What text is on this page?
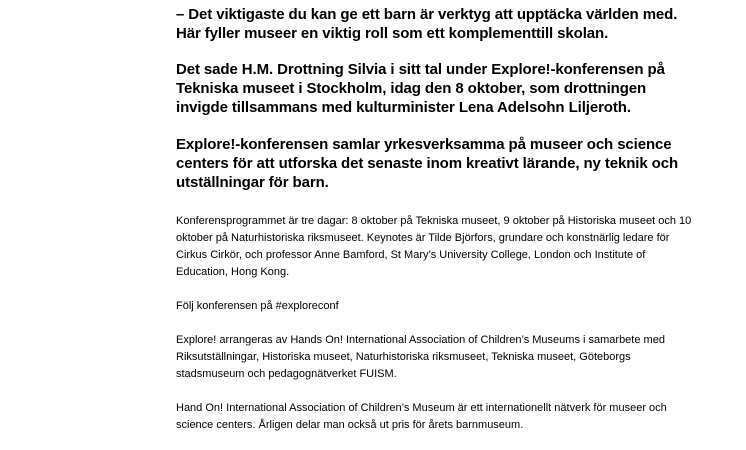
– Det viktigaste du kan ge ett barn är verktyg att upptäcka världen med. Här fyller museer en viktig roll som ett komplementtill skolan.

Det sade H.M. Drottning Silvia i sitt tal under Explore!-konferensen på Tekniska museet i Stockholm, idag den 8 oktober, som drottningen invigde tillsammans med kulturminister Lena Adelsohn Liljeroth.

Explore!-konferensen samlar yrkesverksamma på museer och science centers för att utforska det senaste inom kreativt lärande, ny teknik och utställningar för barn.

Konferensprogrammet är tre dagar: 8 oktober på Tekniska museet, 9 oktober på Historiska museet och 10 oktober på Naturhistoriska riksmuseet. Keynotes är Tilde Björfors, grundare och konstnärlig ledare för Cirkus Cirkör, och professor Anne Bamford, St Mary’s University College, London och Institute of Education, Hong Kong.

Följ konferensen på #exploreconf

Explore! arrangeras av Hands On! International Association of Children’s Museums i samarbete med Riksutställningar, Historiska museet, Naturhistoriska riksmuseet, Tekniska museet, Göteborgs stadsmuseum och pedagognätverket FUISM.

Hand On! International Association of Children’s Museum är ett internationellt nätverk för museer och science centers. Årligen delar man också ut pris för årets barnmuseum.
